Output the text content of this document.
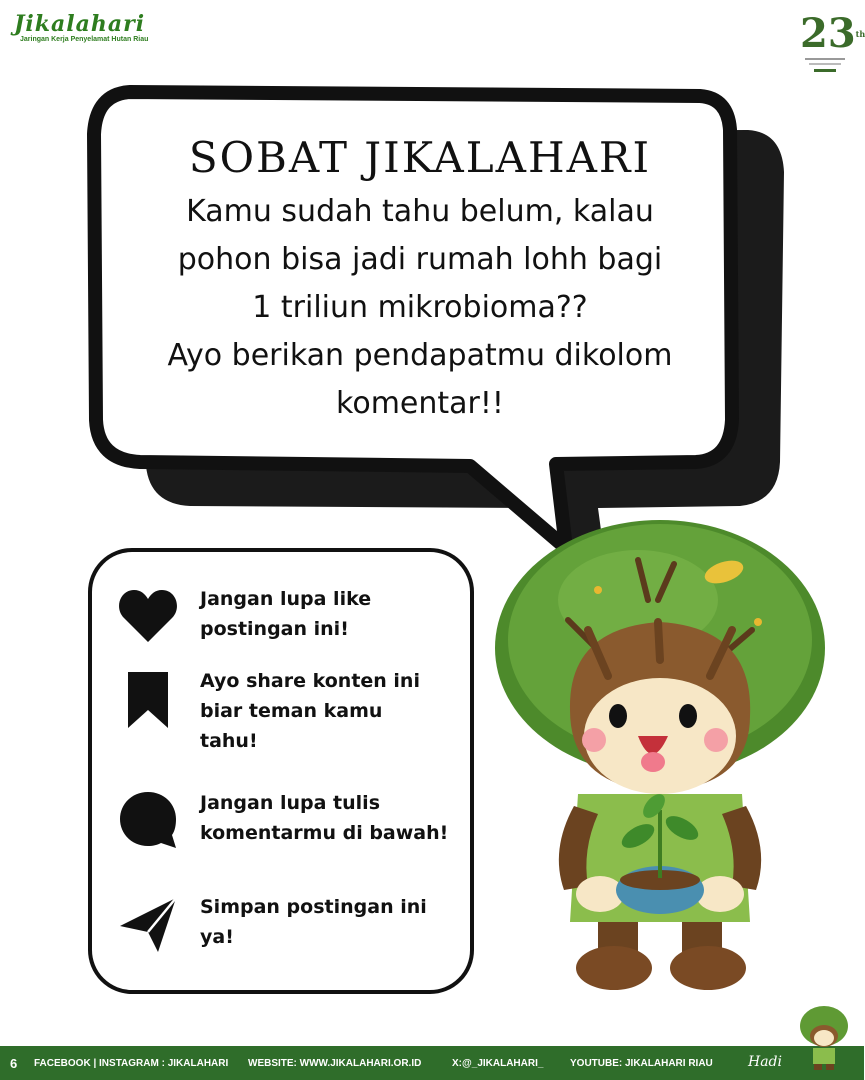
Jikalahari
Jaringan Kerja Penyelamat Hutan Riau	23th
SOBAT JIKALAHARI
Kamu sudah tahu belum, kalau
pohon bisa jadi rumah lohh bagi
1 triliun mikrobioma??
Ayo berikan pendapatmu dikolom
komentar!!
Jangan lupa like
postingan ini!
Ayo share konten ini
biar teman kamu
tahu!
Jangan lupa tulis
komentarmu di bawah!
Simpan postingan ini
ya!
6 FACEBOOK | INSTAGRAM : JIKALAHARI WEBSITE: WWW.JIKALAHARI.OR.ID	X:@_JIKALAHARI_	YOUTUBE: JIKALAHARI RIAU	Hadi
